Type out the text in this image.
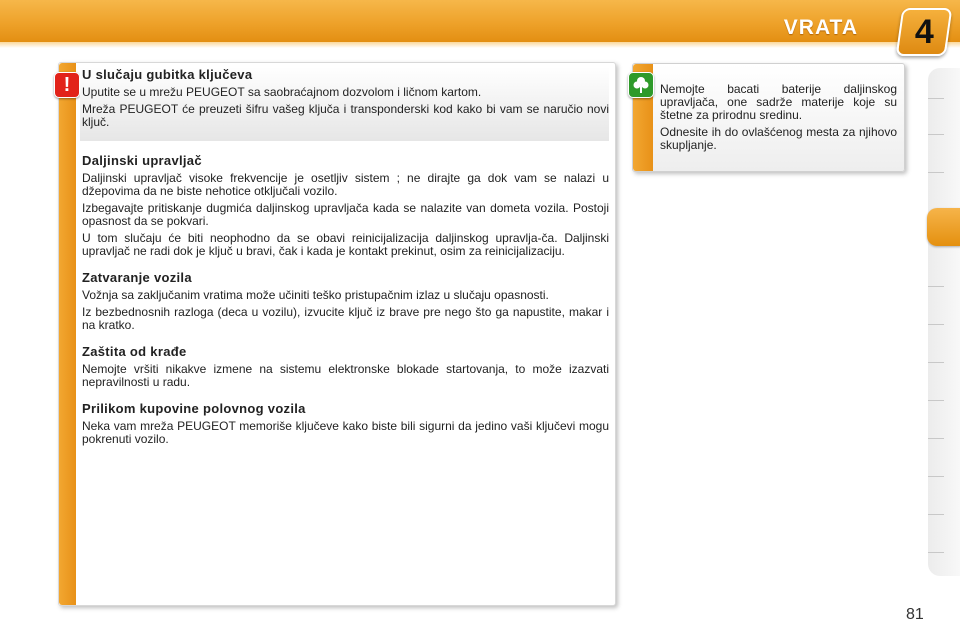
VRATA 4
! U slučaju gubitka ključeva

Uputite se u mrežu PEUGEOT sa saobraćajnom dozvolom i ličnom kartom.

Mreža PEUGEOT će preuzeti šifru vašeg ključa i transponderski kod kako bi vam se naručio novi ključ.

Daljinski upravljač

Daljinski upravljač visoke frekvencije je osetljiv sistem ; ne dirajte ga dok vam se nalazi u džepovima da ne biste nehotice otključali vozilo.

Izbegavajte pritiskanje dugmića daljinskog upravljača kada se nalazite van dometa vozila. Postoji opasnost da se pokvari.

U tom slučaju će biti neophodno da se obavi reinicijalizacija daljinskog upravlja-ča. Daljinski upravljač ne radi dok je ključ u bravi, čak i kada je kontakt prekinut, osim za reinicijalizaciju.

Zatvaranje vozila

Vožnja sa zaključanim vratima može učiniti teško pristupačnim izlaz u slučaju opasnosti.

Iz bezbednosnih razloga (deca u vozilu), izvucite ključ iz brave pre nego što ga napustite, makar i na kratko.

Zaštita od krađe

Nemojte vršiti nikakve izmene na sistemu elektronske blokade startovanja, to može izazvati nepravilnosti u radu.

Prilikom kupovine polovnog vozila

Neka vam mreža PEUGEOT memoriše ključeve kako biste bili sigurni da jedino vaši ključevi mogu pokrenuti vozilo.

Nemojte bacati baterije daljinskog upravljača, one sadrže materije koje su štetne za prirodnu sredinu.

Odnesite ih do ovlašćenog mesta za njihovo skupljanje.

81
